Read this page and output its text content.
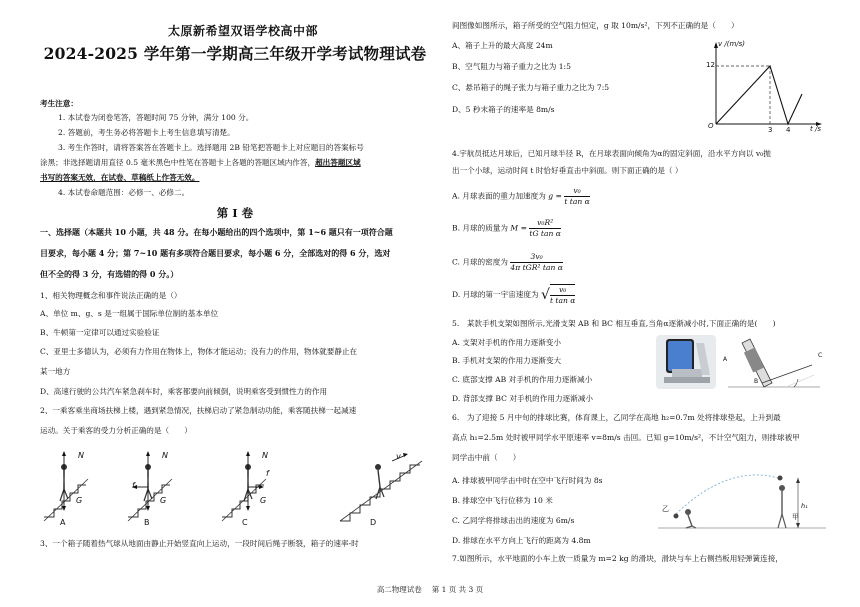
太原新希望双语学校高中部
2024-2025 学年第一学期高三年级开学考试物理试卷
考生注意：
1. 本试卷为闭卷笔答，答题时间 75 分钟，满分 100 分。
2. 答题前，考生务必将答题卡上考生信息填写清楚。
3. 考生作答时，请将答案答在答题卡上。选择题用 2B 铅笔把答题卡上对应题目的答案标号
涂黑；非选择题请用直径 0.5 毫米黑色中性笔在答题卡上各题的答题区域内作答，超出答题区域
书写的答案无效，在试卷、草稿纸上作答无效。
4. 本试卷命题范围：必修一、必修二。
第 I 卷
一、选择题（本题共 10 小题，共 48 分。在每小题给出的四个选项中，第 1~6 题只有一项符合题
目要求，每小题 4 分；第 7~10 题有多项符合题目要求，每小题 6 分，全部选对的得 6 分，选对
但不全的得 3 分，有选错的得 0 分。）
1、相关物理概念和事件说法正确的是（）
A、单位 m、g、s 是一组属于国际单位制的基本单位
B、牛顿第一定律可以通过实验验证
C、亚里士多德认为，必须有力作用在物体上，物体才能运动；没有力的作用，物体就要静止在
某一地方
D、高速行驶的公共汽车紧急刹车时，乘客都要向前倾倒，说明乘客受到惯性力的作用
2、一乘客乘坐商场扶梯上楼，遇到紧急情况，扶梯启动了紧急制动功能，乘客随扶梯一起减速
运动。关于乘客的受力分析正确的是（　　）
N
G
N
f
G
N
f
G
v
A	B	C	D
3、一个箱子随着热气球从地面由静止开始竖直向上运动，一段时间后绳子断裂，箱子的速率-时
间图像如图所示，箱子所受的空气阻力恒定，g 取 10m/s²，下列不正确的是（　　）
A、箱子上升的最大高度 24m
B、空气阻力与箱子重力之比为 1:5
C、悬吊箱子的绳子张力与箱子重力之比为 7:5
D、5 秒末箱子的速率是 8m/s
v /(m/s)
12
O	3 4	t /s
4.宇航员抵达月球后，已知月球半径 R，在月球表面向倾角为α的固定斜面，沿水平方向以 v₀抛
出一个小球，运动时间 t 时恰好垂直击中斜面。则下面正确的是（ ）
A. 月球表面的重力加速度为 $g = \frac{\text{v₀}}{\text{t tan α}}$
B. 月球的质量为 $M = \frac{\text{v₀R²}}{\text{tG tan α}}$
C. 月球的密度为 $\frac{\text{3v₀}}{\text{4π tGR² tan α}}$
D. 月球的第一宇宙速度为 √ $\frac{\text{v₀}}{\text{t tan α}}$
5.　某款手机支架如图所示,光滑支架 AB 和 BC 相互垂直,当角α逐渐减小时,下面正确的是(　　)
A. 支架对手机的作用力逐渐变小
B. 手机对支架的作用力逐渐变大
C. 底部支撑 AB 对手机的作用力逐渐减小
D. 背部支撑 BC 对手机的作用力逐渐减小
A
B
C
6.　为了迎接 5 月中旬的排球比赛，体育课上，乙同学在高地 h₂=0.7m 处将排球垫起，上升到最
高点 h₁=2.5m 处时被甲同学水平原速率 v=8m/s 击回。已知 g=10m/s²，不计空气阻力，则排球被甲
同学击中前（　　）
A. 排球被甲同学击中时在空中飞行时间为 8s
B. 排球空中飞行位移为 10 米
C. 乙同学将排球击出的速度为 6m/s
D. 排球在水平方向上飞行的距离为 4.8m
乙
甲
h₁
7.如图所示，水平地面的小车上放一质量为 m=2 kg 的滑块，滑块与车上右侧挡板用轻弹簧连接，
高二物理试卷　 第 1 页 共 3 页
